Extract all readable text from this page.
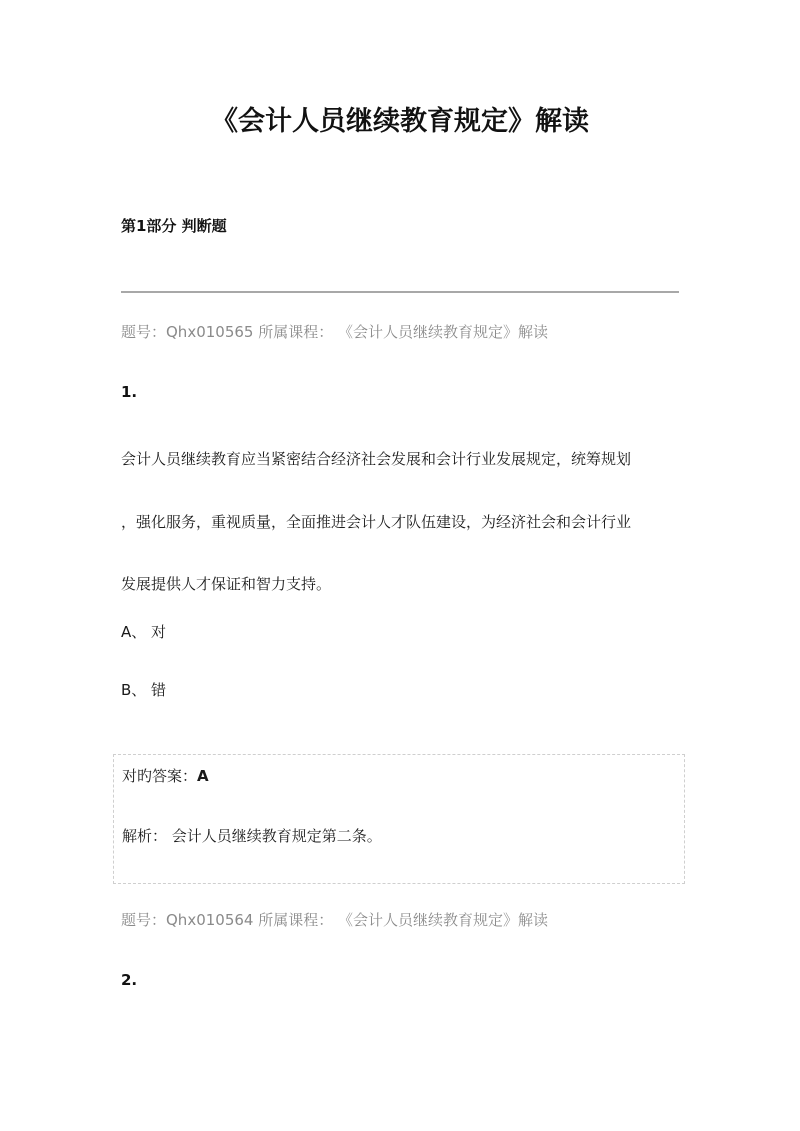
《会计人员继续教育规定》解读
第1部分 判断题
题号：Qhx010565 所属课程： 《会计人员继续教育规定》解读
1.
会计人员继续教育应当紧密结合经济社会发展和会计行业发展规定，统筹规划
，强化服务，重视质量，全面推进会计人才队伍建设，为经济社会和会计行业
发展提供人才保证和智力支持。
A、 对
B、 错
对旳答案：A
解析： 会计人员继续教育规定第二条。
题号：Qhx010564 所属课程： 《会计人员继续教育规定》解读
2.
